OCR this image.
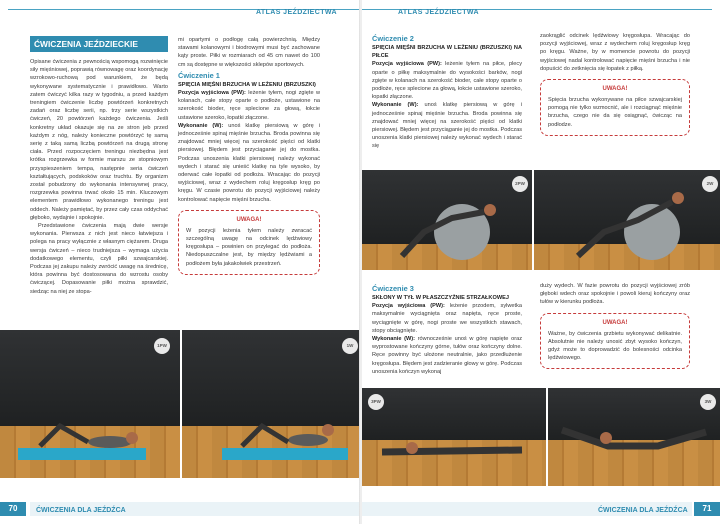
ATLAS JEŹDZIECTWA
ĆWICZENIA JEŹDZIECKIE

Opisane ćwiczenia z pewnością wspomogą rozwinięcie siły mięśniowej, poprawią równowagę oraz koordynację wzrokowo-ruchową pod warunkiem, że będą wykonywane systematycznie i prawidłowo. Warto zatem ćwiczyć kilka razy w tygodniu, a przed każdym treningiem ćwiczenie liczbę powtórzeń konkretnych zadań oraz liczbę serii, np. trzy serie wszystkich ćwiczeń, 20 powtórzeń każdego ćwiczenia. Jeśli konkretny układ okazuje się na ze stron jeb przed każdym z nóg, należy konieczne powtórzyć tę samą serię z taką samą liczbą powtórzeń na drugą stronę ciała. Przed rozpoczęciem treningu niezbędna jest krótka rozgrzewka w formie marszu ze stopniowym przyspieszeniem tempa, następnie seria ćwiczeń kształtujących, podskoków oraz truchtu. By organizm został pobudzony do wykonania intensywnej pracy, rozgrzewka powinna trwać około 15 min. Kluczowym elementem prawidłowo wykonanego treningu jest oddech. Należy pamiętać, by przez cały czas oddychać głęboko, wydajnie i spokojnie.

Przedstawione ćwiczenia mają dwie wersje wykonania. Pierwsza z nich jest nieco łatwiejsza i polega na pracy wyłącznie z własnym ciężarem. Druga wersja ćwiczeń – nieco trudniejsza – wymaga użycia dodatkowego elementu, czyli piłki szwajcarskiej. Podczas jej zakupu należy zwrócić uwagę na średnicę, która powinna być dostosowana do wzrostu osoby ćwiczącej. Dopasowanie piłki można sprawdzić, siedząc na niej ze stopa-

mi opartymi o podłogę całą powierzchnią. Między stawami kolanowymi i biodrowymi musi być zachowane kąty proste. Piłki w rozmiarach od 45 cm nawet do 100 cm są dostępne w większości sklepów sportowych.

Ćwiczenie 1
SPIĘCIA MIĘŚNI BRZUCHA W LEŻENIU (BRZUSZKI)

Pozycja wyjściowa (PW): leżenie tyłem, nogi zgięte w kolanach, całe stopy oparte o podłoże, ustawione na szerokość bioder, ręce splecione za głową, łokcie ustawione szeroko, łopatki złączone.

Wykonanie (W): unoś klatkę piersiową w górę i jednocześnie spinaj mięśnie brzucha. Broda powinna się znajdować mniej więcej na szerokość pięści od klatki piersiowej. Błędem jest przyciąganie jej do mostka. Podczas unoszenia klatki piersiowej należy wykonać wydech i starać się unieść klatkę na tyle wysoko, by oderwać całe łopatki od podłoża. Wracając do pozycji wyjściowej, wraz z wydechem roluj kręgosłup kręg po kręgu. W czasie powrotu do pozycji wyjściowej należy kontrolować napięcie mięśni brzucha.

UWAGA!

W pozycji leżenia tyłem należy zwracać szczególną uwagę na odcinek lędźwiowy kręgosłupa – powinien on przylegać do podłoża. Niedopuszczalne jest, by między lędźwiami a podłożem była jakakolwiek przestrzeń.

1PW	1W
70	ĆWICZENIA DLA JEŹDŹCA
ATLAS JEŹDZIECTWA
Ćwiczenie 2
SPIĘCIA MIĘŚNI BRZUCHA W LEŻENIU (BRZUSZKI) NA PIŁCE

Pozycja wyjściowa (PW): leżenie tyłem na piłce, plecy oparte o piłkę maksymalnie do wysokości barków, nogi zgięte w kolanach na szerokość bioder, całe stopy oparte o podłoże, ręce splecione za głową, łokcie ustawione szeroko, łopatki złączone.

Wykonanie (W): unoś klatkę piersiową w górę i jednocześnie spinaj mięśnie brzucha. Broda powinna się znajdować mniej więcej na szerokość pięści od klatki piersiowej. Błędem jest przyciąganie jej do mostka. Podczas unoszenia klatki piersiowej należy wykonać wydech i starać się

zaokrąglić odcinek lędźwiowy kręgosłupa. Wracając do pozycji wyjściowej, wraz z wydechem roluj kręgosłup kręg po kręgu. Ważne, by w momencie powrotu do pozycji wyjściowej nadal kontrolować napięcie mięśni brzucha i nie dopuścić do zetknięcia się łopatek z piłką.

UWAGA!

Spięcia brzucha wykonywane na piłce szwajcarskiej pomogą nie tylko wzmocnić, ale i rozciągnąć mięśnie brzucha, czego nie da się osiągnąć, ćwicząc na podłodze.

2PW	2W
Ćwiczenie 3
SKŁONY W TYŁ W PŁASZCZYŹNIE STRZAŁKOWEJ

Pozycja wyjściowa (PW): leżenie przodem, sylwetka maksymalnie wyciągnięta oraz napięta, ręce proste, wyciągnięte w górę, nogi proste we wszystkich stawach, stopy obciągnięte.

Wykonanie (W): równocześnie unoś w górę napięte oraz wyprostowane kończyny górne, tułów oraz kończyny dolne. Ręce powinny być ułożone neutralnie, jako przedłużenie kręgosłupa. Błędem jest zadzieranie głowy w górę. Podczas unoszenia kończyn wykonaj

duży wydech. W fazie powrotu do pozycji wyjściowej zrób głęboki wdech oraz spokojnie i powoli kieruj kończyny oraz tułów w kierunku podłoża.

UWAGA!

Ważne, by ćwiczenia grzbietu wykonywać delikatnie. Absolutnie nie należy unosić zbyt wysoko kończyn, gdyż może to doprowadzić do bolesności odcinka lędźwiowego.

3PW	3W
ĆWICZENIA DLA JEŹDŹCA	71
